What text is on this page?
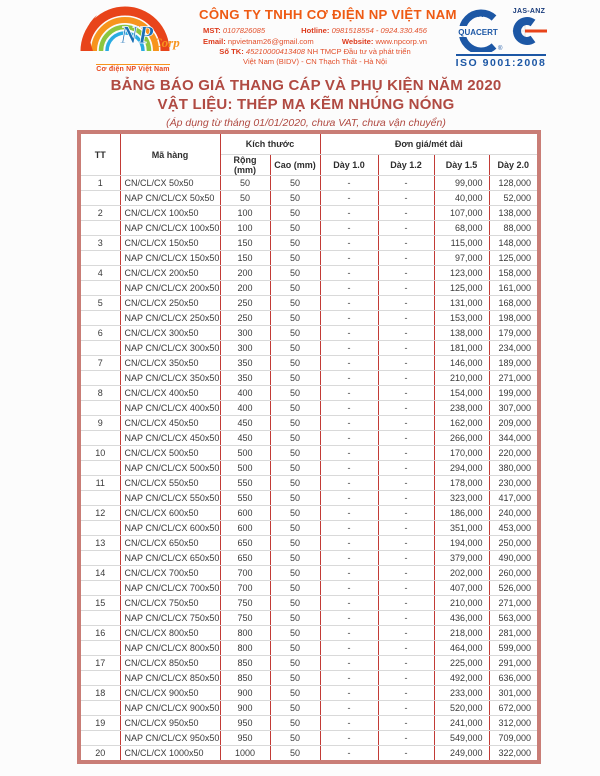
NP Corp
Cơ điện NP Việt Nam
CÔNG TY TNHH CƠ ĐIỆN NP VIỆT NAM
MST: 0107826085	Hotline: 0981518554 - 0924.330.456
Email: npvietnam26@gmail.com	Website: www.npcorp.vn
Số TK: 45210000413408 NH TMCP Đầu tư và phát triển
Việt Nam (BIDV) - CN Thạch Thất - Hà Nội
QUACERT
vn
®
JAS-ANZ
ISO 9001:2008
BẢNG BÁO GIÁ THANG CÁP VÀ PHỤ KIỆN NĂM 2020
VẬT LIỆU: THÉP MẠ KẼM NHÚNG NÓNG
(Áp dụng từ tháng 01/01/2020, chưa VAT, chưa vận chuyển)
TT	Mã hàng	Kích thước		Đơn giá/mét dài			
		Rộng (mm)	Cao (mm)	Dày 1.0	Dày 1.2	Dày 1.5	Dày 2.0
1	CN/CL/CX 50x50	50	50	-	-	99,000	128,000
	NAP CN/CL/CX 50x50	50	50	-	-	40,000	52,000
2	CN/CL/CX 100x50	100	50	-	-	107,000	138,000
	NAP CN/CL/CX 100x50	100	50	-	-	68,000	88,000
3	CN/CL/CX 150x50	150	50	-	-	115,000	148,000
	NAP CN/CL/CX 150x50	150	50	-	-	97,000	125,000
4	CN/CL/CX 200x50	200	50	-	-	123,000	158,000
	NAP CN/CL/CX 200x50	200	50	-	-	125,000	161,000
5	CN/CL/CX 250x50	250	50	-	-	131,000	168,000
	NAP CN/CL/CX 250x50	250	50	-	-	153,000	198,000
6	CN/CL/CX 300x50	300	50	-	-	138,000	179,000
	NAP CN/CL/CX 300x50	300	50	-	-	181,000	234,000
7	CN/CL/CX 350x50	350	50	-	-	146,000	189,000
	NAP CN/CL/CX 350x50	350	50	-	-	210,000	271,000
8	CN/CL/CX 400x50	400	50	-	-	154,000	199,000
	NAP CN/CL/CX 400x50	400	50	-	-	238,000	307,000
9	CN/CL/CX 450x50	450	50	-	-	162,000	209,000
	NAP CN/CL/CX 450x50	450	50	-	-	266,000	344,000
10	CN/CL/CX 500x50	500	50	-	-	170,000	220,000
	NAP CN/CL/CX 500x50	500	50	-	-	294,000	380,000
11	CN/CL/CX 550x50	550	50	-	-	178,000	230,000
	NAP CN/CL/CX 550x50	550	50	-	-	323,000	417,000
12	CN/CL/CX 600x50	600	50	-	-	186,000	240,000
	NAP CN/CL/CX 600x50	600	50	-	-	351,000	453,000
13	CN/CL/CX 650x50	650	50	-	-	194,000	250,000
	NAP CN/CL/CX 650x50	650	50	-	-	379,000	490,000
14	CN/CL/CX 700x50	700	50	-	-	202,000	260,000
	NAP CN/CL/CX 700x50	700	50	-	-	407,000	526,000
15	CN/CL/CX 750x50	750	50	-	-	210,000	271,000
	NAP CN/CL/CX 750x50	750	50	-	-	436,000	563,000
16	CN/CL/CX 800x50	800	50	-	-	218,000	281,000
	NAP CN/CL/CX 800x50	800	50	-	-	464,000	599,000
17	CN/CL/CX 850x50	850	50	-	-	225,000	291,000
	NAP CN/CL/CX 850x50	850	50	-	-	492,000	636,000
18	CN/CL/CX 900x50	900	50	-	-	233,000	301,000
	NAP CN/CL/CX 900x50	900	50	-	-	520,000	672,000
19	CN/CL/CX 950x50	950	50	-	-	241,000	312,000
	NAP CN/CL/CX 950x50	950	50	-	-	549,000	709,000
20	CN/CL/CX 1000x50	1000	50	-	-	249,000	322,000
